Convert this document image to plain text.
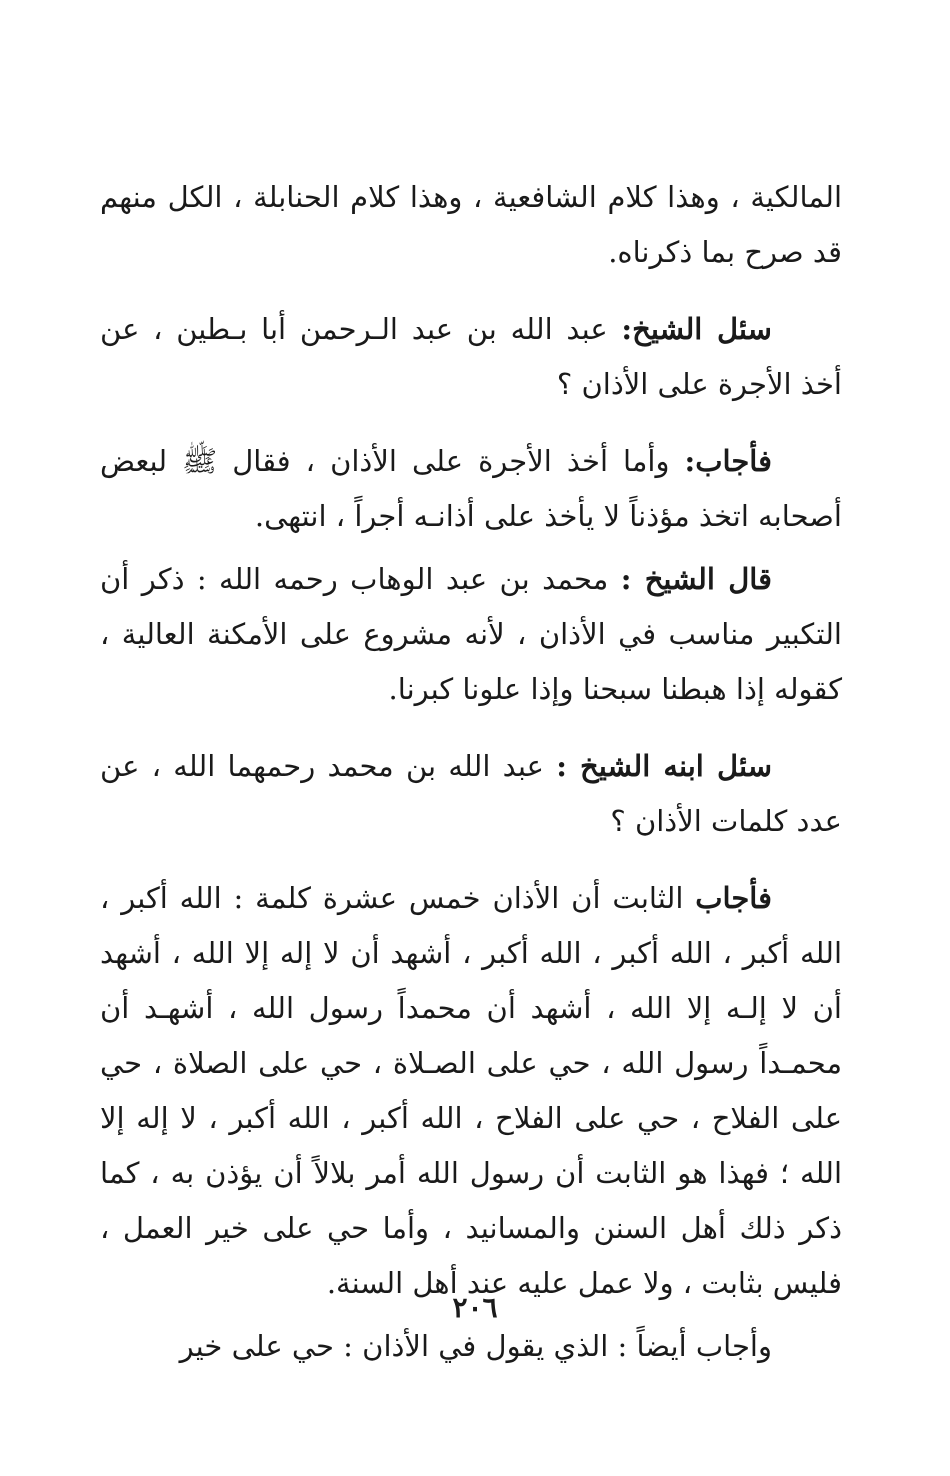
المالكية ، وهذا كلام الشافعية ، وهذا كلام الحنابلة ، الكل منهم قد صرح بما ذكرناه.

سئل الشيخ: عبد الله بن عبد الـرحمن أبا بـطين ، عن أخذ الأجرة على الأذان ؟

فأجاب: وأما أخذ الأجرة على الأذان ، فقال ﷺ لبعض أصحابه اتخذ مؤذناً لا يأخذ على أذانـه أجراً ، انتهى.

قال الشيخ : محمد بن عبد الوهاب رحمه الله : ذكر أن التكبير مناسب في الأذان ، لأنه مشروع على الأمكنة العالية ، كقوله إذا هبطنا سبحنا وإذا علونا كبرنا.

سئل ابنه الشيخ : عبد الله بن محمد رحمهما الله ، عن عدد كلمات الأذان ؟

فأجاب الثابت أن الأذان خمس عشرة كلمة : الله أكبر ، الله أكبر ، الله أكبر ، الله أكبر ، أشهد أن لا إله إلا الله ، أشهد أن لا إلـه إلا الله ، أشهد أن محمداً رسول الله ، أشهـد أن محمـداً رسول الله ، حي على الصـلاة ، حي على الصلاة ، حي على الفلاح ، حي على الفلاح ، الله أكبر ، الله أكبر ، لا إله إلا الله ؛ فهذا هو الثابت أن رسول الله أمر بلالاً أن يؤذن به ، كما ذكر ذلك أهل السنن والمسانيد ، وأما حي على خير العمل ، فليس بثابت ، ولا عمل عليه عند أهل السنة.

وأجاب أيضاً : الذي يقول في الأذان : حي على خير

٢٠٦
